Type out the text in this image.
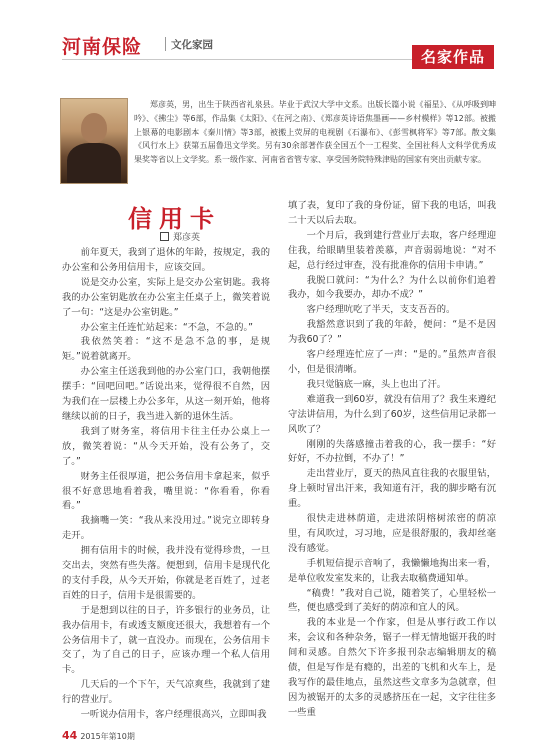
河南保险	文化家园
名家作品
郑彦英，男，出生于陕西省礼泉县。毕业于武汉大学中文系。出版长篇小说《福星》、《从呼吸到呻吟》、《拂尘》等6部，作品集《太阳》、《在河之南》、《郑彦英诗语焦墨画——乡村模样》等12部。被搬上银幕的电影剧本《秦川情》等3部，被搬上荧屏的电视剧《石瀑布》、《彭雪枫将军》等7部。散文集《风行水上》获第五届鲁迅文学奖。另有30余部著作获全国五个一工程奖、全国社科人文科学优秀成果奖等省以上文学奖。系一级作家、河南省省管专家、享受国务院特殊津贴的国家有突出贡献专家。
信用卡
郑彦英

前年夏天，我到了退休的年龄，按规定，我的办公室和公务用信用卡，应该交回。

说是交办公室，实际上是交办公室钥匙。我将我的办公室钥匙放在办公室主任桌子上，微笑着说了一句：“这是办公室钥匙。”

办公室主任连忙站起来：“不急，不急的。”

我依然笑着：“这不是急不急的事，是规矩。”说着就离开。

办公室主任送我到他的办公室门口，我朝他摆摆手：“回吧回吧。”话说出来，觉得很不自然，因为我们在一层楼上办公多年，从这一刻开始，他将继续以前的日子，我当进入新的退休生活。

我到了财务室，将信用卡往主任办公桌上一放，微笑着说：“从今天开始，没有公务了，交了。”

财务主任很厚道，把公务信用卡拿起来，似乎很不好意思地看着我，嘴里说：“你看看，你看看。”

我摘嘴一笑：“我从来没用过。”说完立即转身走开。

拥有信用卡的时候，我并没有觉得珍贵，一旦交出去，突然有些失落。便想到，信用卡是现代化的支付手段，从今天开始，你就是老百姓了，过老百姓的日子，信用卡是很需要的。

于是想到以往的日子，许多银行的业务员，让我办信用卡，有或透支额度还很大，我想着有一个公务信用卡了，就一直没办。而现在，公务信用卡交了，为了自己的日子，应该办理一个私人信用卡。

几天后的一个下午，天气凉爽些，我就到了建行的营业厅。

一听说办信用卡，客户经理很高兴，立即叫我

填了表，复印了我的身份证，留下我的电话，叫我二十天以后去取。

一个月后，我到建行营业厅去取，客户经理迎住我，给眼睛里装着羡慕，声音弱弱地说：“对不起，总行经过审查，没有批准你的信用卡申请。”

我脱口就问：“为什么？为什么以前你们追着我办，如今我要办，却办不成？”

客户经理吭吃了半天，支支吾吾的。

我豁然意识到了我的年龄，便问：“是不是因为我60了？”

客户经理连忙应了一声：“是的。”虽然声音很小，但是很清晰。

我只觉脑底一麻，头上也出了汗。

难道我一到60岁，就没有信用了？我生来遵纪守法讲信用，为什么到了60岁，这些信用记录都一风吹了？

刚刚的失落感撞击着我的心，我一摆手：“好好好，不办拉倒，不办了！”

走出营业厅，夏天的热风直往我的衣服里钻，身上顿时冒出汗来，我知道有汗，我的脚步略有沉重。

很快走进林荫道，走进浓阴榕树浓密的荫凉里，有风吹过，习习地，应是很舒服的，我却丝毫没有感觉。

手机短信提示音响了，我懒懒地掏出来一看，是单位收发室发来的，让我去取稿费通知单。

“稿费！”我对自己说，随着笑了，心里轻松一些，便也感受到了美好的荫凉和宜人的风。

我的本业是一个作家，但是从事行政工作以来，会议和各种杂务，锯子一样无情地锯开我的时间和灵感。自然欠下许多报刊杂志编辑朋友的稿债，但是写作是有瘾的，出差的飞机和火车上，是我写作的最佳地点，虽然这些文章多为急就章，但因为被锯开的太多的灵感挤压在一起，文字往往多一些重

44 2015年第10期
